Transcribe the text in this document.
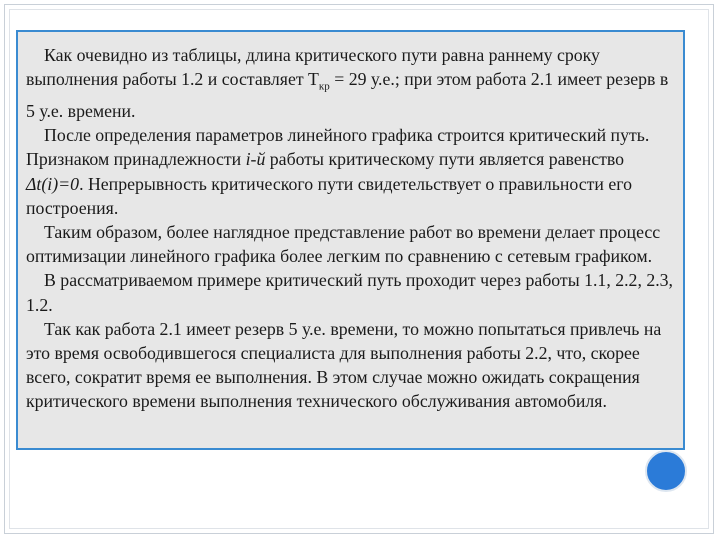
Как очевидно из таблицы, длина критического пути равна раннему сроку выполнения работы 1.2 и составляет $Т_{кр} = 29$ у.е.; при этом работа 2.1 имеет резерв в 5 у.е. времени.

После определения параметров линейного графика строится критический путь. Признаком принадлежности i-й работы критическому пути является равенство Δt(i)=0. Непрерывность критического пути свидетельствует о правильности его построения.

Таким образом, более наглядное представление работ во времени делает процесс оптимизации линейного графика более легким по сравнению с сетевым графиком.

В рассматриваемом примере критический путь проходит через работы 1.1, 2.2, 2.3, 1.2.

Так как работа 2.1 имеет резерв 5 у.е. времени, то можно попытаться привлечь на это время освободившегося специалиста для выполнения работы 2.2, что, скорее всего, сократит время ее выполнения. В этом случае можно ожидать сокращения критического времени выполнения технического обслуживания автомобиля.
